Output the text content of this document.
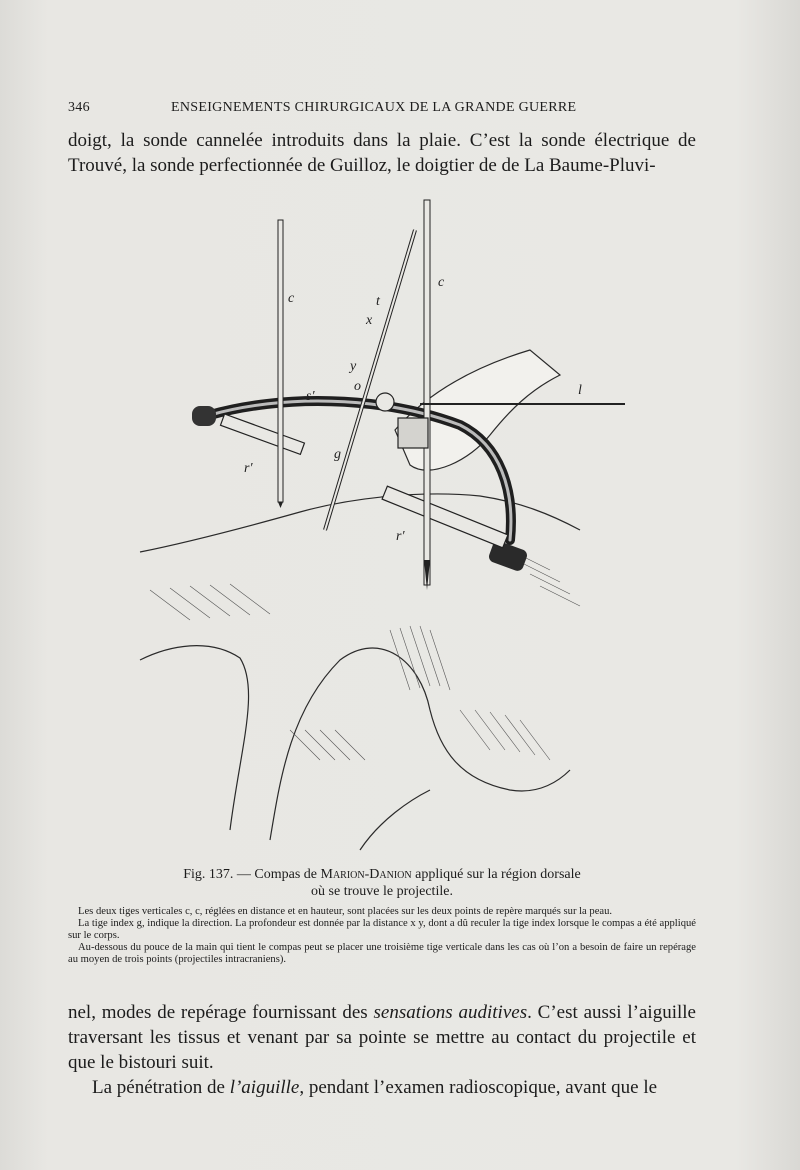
346	ENSEIGNEMENTS CHIRURGICAUX DE LA GRANDE GUERRE

doigt, la sonde cannelée introduits dans la plaie. C’est la sonde électrique de Trouvé, la sonde perfectionnée de Guilloz, le doigtier de de La Baume-Pluvi-

c
c
t
x
y
o
s′
g
l
r′
r′
Fig. 137. — Compas de Marion-Danion appliqué sur la région dorsale
où se trouve le projectile.

Les deux tiges verticales c, c, réglées en distance et en hauteur, sont placées sur les deux points de repère marqués sur la peau.

La tige index g, indique la direction. La profondeur est donnée par la distance x y, dont a dû reculer la tige index lorsque le compas a été appliqué sur le corps.

Au-dessous du pouce de la main qui tient le compas peut se placer une troisième tige verticale dans les cas où l’on a besoin de faire un repérage au moyen de trois points (projectiles intracraniens).

nel, modes de repérage fournissant des sensations auditives. C’est aussi l’aiguille traversant les tissus et venant par sa pointe se mettre au contact du projectile et que le bistouri suit.

La pénétration de l’aiguille, pendant l’examen radioscopique, avant que le
